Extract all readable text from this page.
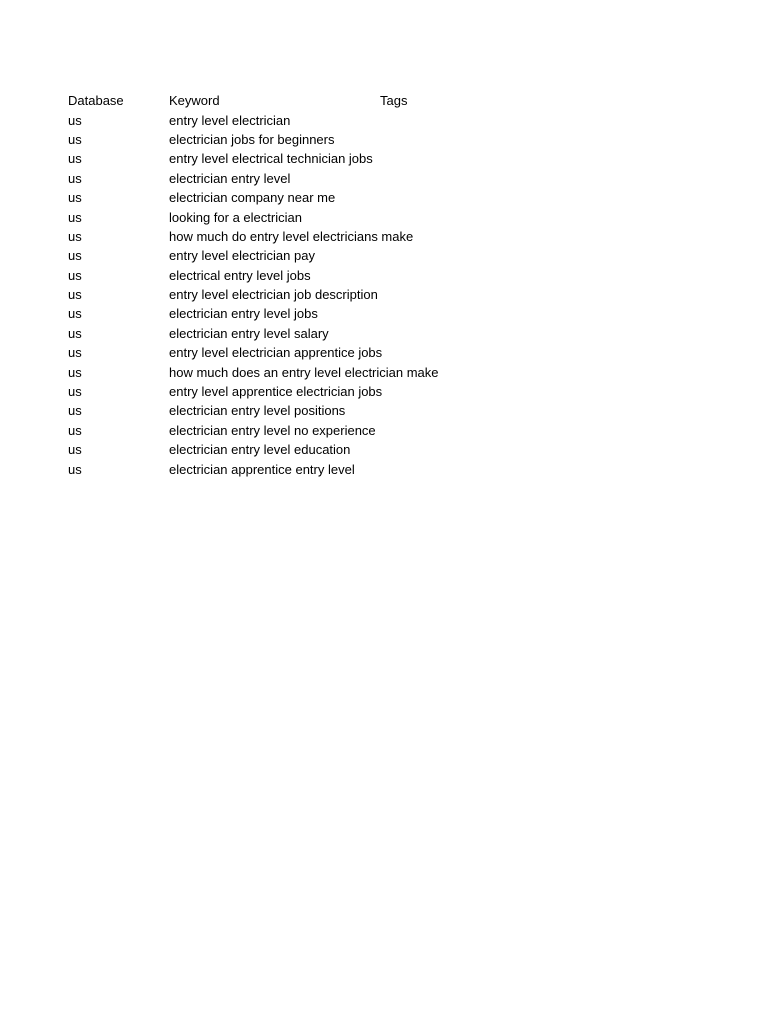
Database	Keyword	Tags
us	entry level electrician
us	electrician jobs for beginners
us	entry level electrical technician jobs
us	electrician entry level
us	electrician company near me
us	looking for a electrician
us	how much do entry level electricians make
us	entry level electrician pay
us	electrical entry level jobs
us	entry level electrician job description
us	electrician entry level jobs
us	electrician entry level salary
us	entry level electrician apprentice jobs
us	how much does an entry level electrician make
us	entry level apprentice electrician jobs
us	electrician entry level positions
us	electrician entry level no experience
us	electrician entry level education
us	electrician apprentice entry level
